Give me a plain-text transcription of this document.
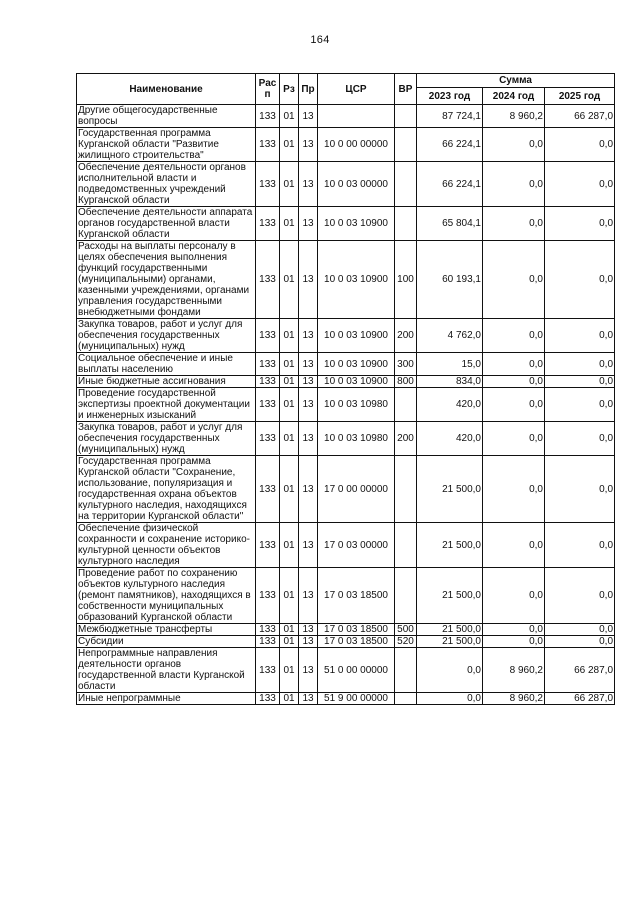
164
Наименование	Рас п	Рз	Пр	ЦСР	ВР	Сумма		
						2023 год	2024 год	2025 год
Другие общегосударственные вопросы	133	01	13			87 724,1	8 960,2	66 287,0
Государственная программа Курганской области "Развитие жилищного строительства"	133	01	13	10 0 00 00000		66 224,1	0,0	0,0
Обеспечение деятельности органов исполнительной власти и подведомственных учреждений Курганской области	133	01	13	10 0 03 00000		66 224,1	0,0	0,0
Обеспечение деятельности аппарата органов государственной власти Курганской области	133	01	13	10 0 03 10900		65 804,1	0,0	0,0
Расходы на выплаты персоналу в целях обеспечения выполнения функций государственными (муниципальными) органами, казенными учреждениями, органами управления государственными внебюджетными фондами	133	01	13	10 0 03 10900	100	60 193,1	0,0	0,0
Закупка товаров, работ и услуг для обеспечения государственных (муниципальных) нужд	133	01	13	10 0 03 10900	200	4 762,0	0,0	0,0
Социальное обеспечение и иные выплаты населению	133	01	13	10 0 03 10900	300	15,0	0,0	0,0
Иные бюджетные ассигнования	133	01	13	10 0 03 10900	800	834,0	0,0	0,0
Проведение государственной экспертизы проектной документации и инженерных изысканий	133	01	13	10 0 03 10980		420,0	0,0	0,0
Закупка товаров, работ и услуг для обеспечения государственных (муниципальных) нужд	133	01	13	10 0 03 10980	200	420,0	0,0	0,0
Государственная программа Курганской области "Сохранение, использование, популяризация и государственная охрана объектов культурного наследия, находящихся на территории Курганской области"	133	01	13	17 0 00 00000		21 500,0	0,0	0,0
Обеспечение физической сохранности и сохранение историко-культурной ценности объектов культурного наследия	133	01	13	17 0 03 00000		21 500,0	0,0	0,0
Проведение работ по сохранению объектов культурного наследия (ремонт памятников), находящихся в собственности муниципальных образований Курганской области	133	01	13	17 0 03 18500		21 500,0	0,0	0,0
Межбюджетные трансферты	133	01	13	17 0 03 18500	500	21 500,0	0,0	0,0
Субсидии	133	01	13	17 0 03 18500	520	21 500,0	0,0	0,0
Непрограммные направления деятельности органов государственной власти Курганской области	133	01	13	51 0 00 00000		0,0	8 960,2	66 287,0
Иные непрограммные	133	01	13	51 9 00 00000		0,0	8 960,2	66 287,0
